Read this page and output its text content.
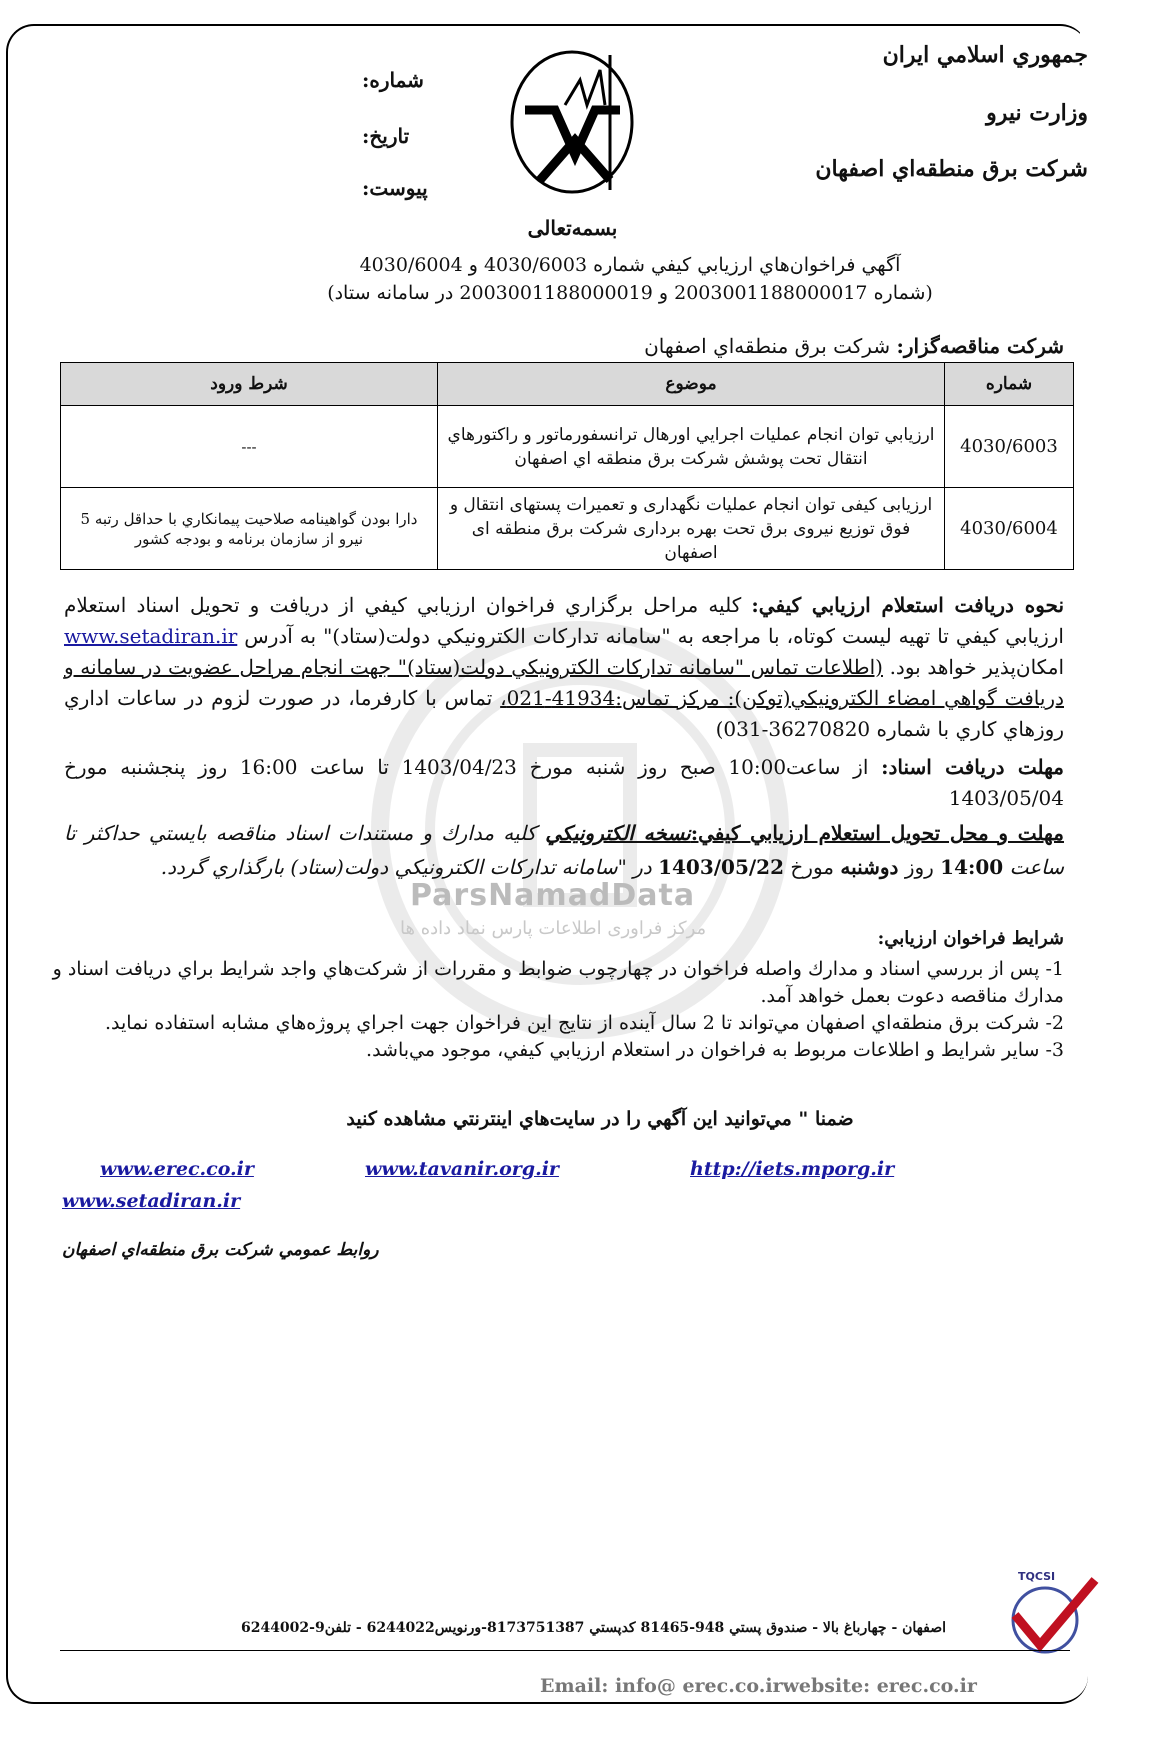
جمهوري اسلامي ايران
وزارت نيرو
شركت برق منطقه‌اي اصفهان
شماره:
تاريخ:
پيوست:
بسمه‌تعالی
آگهي فراخوان‌هاي ارزيابي كيفي شماره 4030/6003 و 4030/6004
(شماره 2003001188000017 و 2003001188000019 در سامانه ستاد)
شركت مناقصه‌گزار: شركت برق منطقه‌اي اصفهان
شماره	موضوع	شرط ورود
4030/6003	ارزيابي توان انجام عمليات اجرايي اورهال ترانسفورماتور و راكتورهاي انتقال تحت پوشش شركت برق منطقه اي اصفهان	---
4030/6004	ارزیابی کیفی توان انجام عملیات نگهداری و تعمیرات پستهای انتقال و فوق توزیع نیروی برق تحت بهره برداری شرکت برق منطقه ای اصفهان	دارا بودن گواهينامه صلاحيت پيمانكاري با حداقل رتبه 5 نيرو از سازمان برنامه و بودجه كشور
ParsNamadData
مرکز فراوری اطلاعات پارس نماد داده ها
نحوه دريافت استعلام ارزيابي كيفي: كليه مراحل برگزاري فراخوان ارزيابي كيفي از دريافت و تحويل اسناد استعلام ارزيابي كيفي تا تهيه ليست كوتاه، با مراجعه به "سامانه تداركات الكترونيكي دولت(ستاد)" به آدرس www.setadiran.ir امكان‌پذير خواهد بود. (اطلاعات تماس "سامانه تداركات الكترونيكي دولت(ستاد)" جهت انجام مراحل عضويت در سامانه و دريافت گواهي امضاء الكترونيكي(توكن): مركز تماس:41934-021، تماس با كارفرما، در صورت لزوم در ساعات اداري روزهاي كاري با شماره 36270820-031)
مهلت دريافت اسناد: از ساعت10:00 صبح روز شنبه مورخ 1403/04/23 تا ساعت 16:00 روز پنجشنبه مورخ 1403/05/04
مهلت و محل تحويل استعلام ارزيابي كيفي:نسخه الكترونيكي كليه مدارك و مستندات اسناد مناقصه بايستي حداكثر تا ساعت 14:00 روز دوشنبه مورخ 1403/05/22 در "سامانه تداركات الكترونيكي دولت(ستاد) بارگذاري گردد.
شرايط فراخوان ارزيابي:
1- پس از بررسي اسناد و مدارك واصله فراخوان در چهارچوب ضوابط و مقررات از شركت‌هاي واجد شرايط براي دريافت اسناد و مدارك مناقصه دعوت بعمل خواهد آمد.
2- شركت برق منطقه‌اي اصفهان مي‌تواند تا 2 سال آينده از نتايج اين فراخوان جهت اجراي پروژه‌هاي مشابه استفاده نمايد.
3- ساير شرايط و اطلاعات مربوط به فراخوان در استعلام ارزيابي كيفي، موجود مي‌باشد.
ضمنا " مي‌توانيد اين آگهي را در سايت‌هاي اينترنتي مشاهده كنيد
www.erec.co.ir	www.tavanir.org.ir	http://iets.mporg.ir
www.setadiran.ir
روابط عمومي شركت برق منطقه‌اي اصفهان
TQCSI
اصفهان - چهارباغ بالا - صندوق پستي 948-81465 كدپستي 8173751387-ورنويس6244022 - تلفن9-6244002
Email: info@ erec.co.irwebsite: erec.co.ir
